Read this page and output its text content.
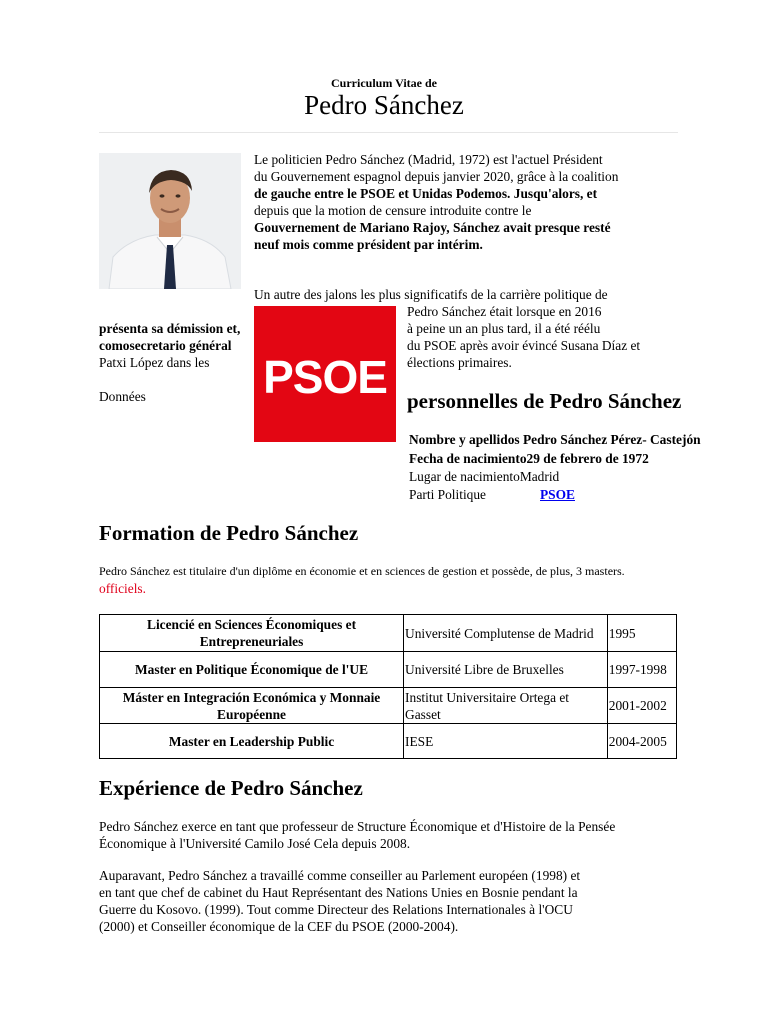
Curriculum Vitae de
Pedro Sánchez
Le politicien Pedro Sánchez (Madrid, 1972) est l'actuel Président
du Gouvernement espagnol depuis janvier 2020, grâce à la coalition
de gauche entre le PSOE et Unidas Podemos. Jusqu'alors, et
depuis que la motion de censure introduite contre le
Gouvernement de Mariano Rajoy, Sánchez avait presque resté
neuf mois comme président par intérim.
Un autre des jalons les plus significatifs de la carrière politique de
Pedro Sánchez était lorsque en 2016
présenta sa démission et,	à peine un an plus tard, il a été réélu
comosecretario général	du PSOE après avoir évincé Susana Díaz et
Patxi López dans les	élections primaires.
PSOE
Données	personnelles de Pedro Sánchez
Nombre y apellidos Pedro Sánchez Pérez- Castejón
Fecha de nacimiento29 de febrero de 1972
Lugar de nacimientoMadrid
Parti Politique	PSOE
Formation de Pedro Sánchez
Pedro Sánchez est titulaire d'un diplôme en économie et en sciences de gestion et possède, de plus, 3 masters.
officiels.
Licencié en Sciences Économiques et Entrepreneuriales	Université Complutense de Madrid	1995
Master en Politique Économique de l'UE	Université Libre de Bruxelles	1997-1998
Máster en Integración Económica y Monnaie Européenne	Institut Universitaire Ortega et Gasset	2001-2002
Master en Leadership Public	IESE	2004-2005
Expérience de Pedro Sánchez
Pedro Sánchez exerce en tant que professeur de Structure Économique et d'Histoire de la Pensée
Économique à l'Université Camilo José Cela depuis 2008.
Auparavant, Pedro Sánchez a travaillé comme conseiller au Parlement européen (1998) et
en tant que chef de cabinet du Haut Représentant des Nations Unies en Bosnie pendant la
Guerre du Kosovo. (1999). Tout comme Directeur des Relations Internationales à l'OCU
(2000) et Conseiller économique de la CEF du PSOE (2000-2004).
